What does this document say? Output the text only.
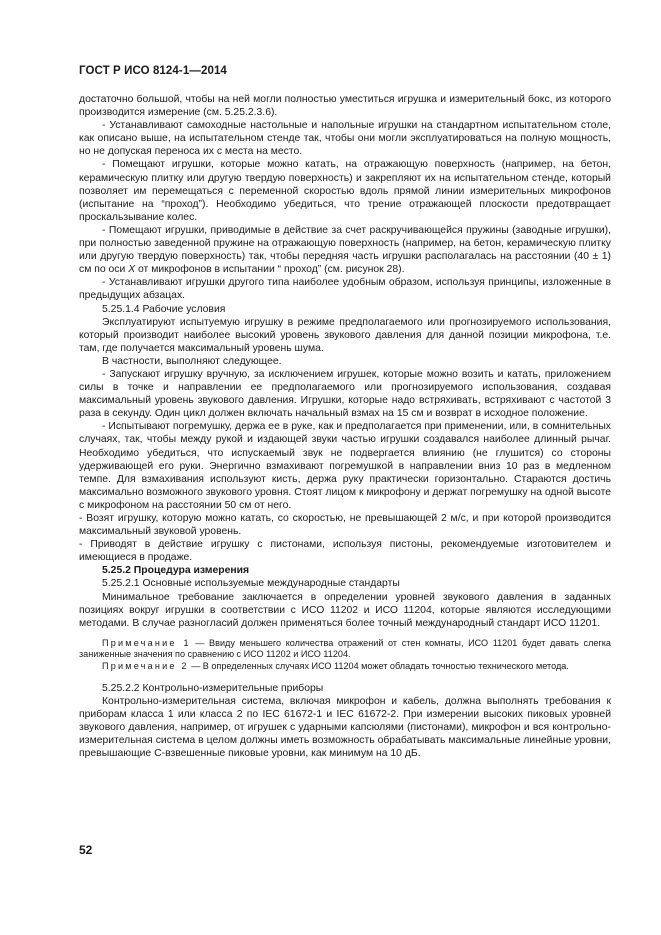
ГОСТ Р ИСО 8124-1—2014

достаточно большой, чтобы на ней могли полностью уместиться игрушка и измерительный бокс, из которого производится измерение (см. 5.25.2.3.6).

- Устанавливают самоходные настольные и напольные игрушки на стандартном испытательном столе, как описано выше, на испытательном стенде так, чтобы они могли эксплуатироваться на полную мощность, но не допуская переноса их с места на место.

- Помещают игрушки, которые можно катать, на отражающую поверхность (например, на бетон, керамическую плитку или другую твердую поверхность) и закрепляют их на испытательном стенде, который позволяет им перемещаться с переменной скоростью вдоль прямой линии измерительных микрофонов (испытание на “проход”). Необходимо убедиться, что трение отражающей плоскости предотвращает проскальзывание колес.

- Помещают игрушки, приводимые в действие за счет раскручивающейся пружины (заводные игрушки), при полностью заведенной пружине на отражающую поверхность (например, на бетон, керамическую плитку или другую твердую поверхность) так, чтобы передняя часть игрушки располагалась на расстоянии (40 ± 1) см по оси X от микрофонов в испытании “ проход” (см. рисунок 28).

- Устанавливают игрушки другого типа наиболее удобным образом, используя принципы, изложенные в предыдущих абзацах.

5.25.1.4 Рабочие условия

Эксплуатируют испытуемую игрушку в режиме предполагаемого или прогнозируемого использования, который производит наиболее высокий уровень звукового давления для данной позиции микрофона, т.е. там, где получается максимальный уровень шума.

В частности, выполняют следующее.

- Запускают игрушку вручную, за исключением игрушек, которые можно возить и катать, приложением силы в точке и направлении ее предполагаемого или прогнозируемого использования, создавая максимальный уровень звукового давления. Игрушки, которые надо встряхивать, встряхивают с частотой 3 раза в секунду. Один цикл должен включать начальный взмах на 15 см и возврат в исходное положение.

- Испытывают погремушку, держа ее в руке, как и предполагается при применении, или, в сомнительных случаях, так, чтобы между рукой и издающей звуки частью игрушки создавался наиболее длинный рычаг. Необходимо убедиться, что испускаемый звук не подвергается влиянию (не глушится) со стороны удерживающей его руки. Энергично взмахивают погремушкой в направлении вниз 10 раз в медленном темпе. Для взмахивания используют кисть, держа руку практически горизонтально. Стараются достичь максимально возможного звукового уровня. Стоят лицом к микрофону и держат погремушку на одной высоте с микрофоном на расстоянии 50 см от него.

- Возят игрушку, которую можно катать, со скоростью, не превышающей 2 м/с, и при которой производится максимальный звуковой уровень.

- Приводят в действие игрушку с пистонами, используя пистоны, рекомендуемые изготовителем и имеющиеся в продаже.

5.25.2 Процедура измерения

5.25.2.1 Основные используемые международные стандарты

Минимальное требование заключается в определении уровней звукового давления в заданных позициях вокруг игрушки в соответствии с ИСО 11202 и ИСО 11204, которые являются исследующими методами. В случае разногласий должен применяться более точный международный стандарт ИСО 11201.

Примечание 1 — Ввиду меньшего количества отражений от стен комнаты, ИСО 11201 будет давать слегка заниженные значения по сравнению с ИСО 11202 и ИСО 11204.

Примечание 2 — В определенных случаях ИСО 11204 может обладать точностью технического метода.

5.25.2.2 Контрольно-измерительные приборы

Контрольно-измерительная система, включая микрофон и кабель, должна выполнять требования к приборам класса 1 или класса 2 по IEC 61672-1 и IEC 61672-2. При измерении высоких пиковых уровней звукового давления, например, от игрушек с ударными капсюлями (пистонами), микрофон и вся контрольно-измерительная система в целом должны иметь возможность обрабатывать максимальные линейные уровни, превышающие С-взвешенные пиковые уровни, как минимум на 10 дБ.

52
